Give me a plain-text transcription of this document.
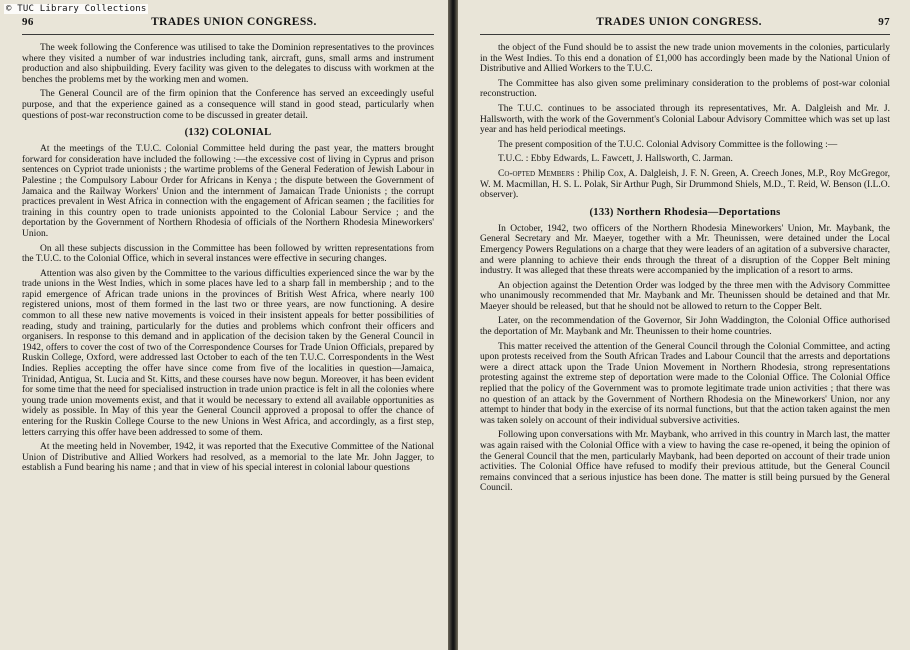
© TUC Library Collections
96	TRADES UNION CONGRESS.

The week following the Conference was utilised to take the Dominion representatives to the provinces where they visited a number of war industries including tank, aircraft, guns, small arms and instrument production and also shipbuilding. Every facility was given to the delegates to discuss with workmen at the benches the problems met by the working men and women.

The General Council are of the firm opinion that the Conference has served an exceedingly useful purpose, and that the experience gained as a consequence will stand in good stead, particularly when questions of post-war reconstruction come to be discussed in greater detail.

(132) COLONIAL

At the meetings of the T.U.C. Colonial Committee held during the past year, the matters brought forward for consideration have included the following :—the excessive cost of living in Cyprus and prison sentences on Cypriot trade unionists ; the wartime problems of the General Federation of Jewish Labour in Palestine ; the Compulsory Labour Order for Africans in Kenya ; the dispute between the Government of Jamaica and the Railway Workers' Union and the internment of Jamaican Trade Unionists ; the corrupt practices prevalent in West Africa in connection with the engagement of African seamen ; the facilities for training in this country open to trade unionists appointed to the Colonial Labour Service ; and the deportation by the Government of Northern Rhodesia of officials of the Northern Rhodesia Mineworkers' Union.

On all these subjects discussion in the Committee has been followed by written representations from the T.U.C. to the Colonial Office, which in several instances were effective in securing changes.

Attention was also given by the Committee to the various difficulties experienced since the war by the trade unions in the West Indies, which in some places have led to a sharp fall in membership ; and to the rapid emergence of African trade unions in the provinces of British West Africa, where nearly 100 registered unions, most of them formed in the last two or three years, are now functioning. A desire common to all these new native movements is voiced in their insistent appeals for better possibilities of reading, study and training, particularly for the duties and problems which confront their officers and organisers. In response to this demand and in application of the decision taken by the General Council in 1942, offers to cover the cost of two of the Correspondence Courses for Trade Union Officials, prepared by Ruskin College, Oxford, were addressed last October to each of the ten T.U.C. Correspondents in the West Indies. Replies accepting the offer have since come from five of the localities in question—Jamaica, Trinidad, Antigua, St. Lucia and St. Kitts, and these courses have now begun. Moreover, it has been evident for some time that the need for specialised instruction in trade union practice is felt in all the colonies where young trade union movements exist, and that it would be necessary to extend all available opportunities as widely as possible. In May of this year the General Council approved a proposal to offer the chance of entering for the Ruskin College Course to the new Unions in West Africa, and accordingly, as a first step, letters carrying this offer have been addressed to some of them.

At the meeting held in November, 1942, it was reported that the Executive Committee of the National Union of Distributive and Allied Workers had resolved, as a memorial to the late Mr. John Jagger, to establish a Fund bearing his name ; and that in view of his special interest in colonial labour questions

TRADES UNION CONGRESS.	97

the object of the Fund should be to assist the new trade union movements in the colonies, particularly in the West Indies. To this end a donation of £1,000 has accordingly been made by the National Union of Distributive and Allied Workers to the T.U.C.

The Committee has also given some preliminary consideration to the problems of post-war colonial reconstruction.

The T.U.C. continues to be associated through its representatives, Mr. A. Dalgleish and Mr. J. Hallsworth, with the work of the Government's Colonial Labour Advisory Committee which was set up last year and has held periodical meetings.

The present composition of the T.U.C. Colonial Advisory Committee is the following :—

T.U.C. : Ebby Edwards, L. Fawcett, J. Hallsworth, C. Jarman.

Co-opted Members : Philip Cox, A. Dalgleish, J. F. N. Green, A. Creech Jones, M.P., Roy McGregor, W. M. Macmillan, H. S. L. Polak, Sir Arthur Pugh, Sir Drummond Shiels, M.D., T. Reid, W. Benson (I.L.O. observer).

(133) Northern Rhodesia—Deportations

In October, 1942, two officers of the Northern Rhodesia Mineworkers' Union, Mr. Maybank, the General Secretary and Mr. Maeyer, together with a Mr. Theunissen, were detained under the Local Emergency Powers Regulations on a charge that they were leaders of an agitation of a subversive character, and were planning to achieve their ends through the threat of a disruption of the Copper Belt mining industry. It was alleged that these threats were accompanied by the implication of a resort to arms.

An objection against the Detention Order was lodged by the three men with the Advisory Committee who unanimously recommended that Mr. Maybank and Mr. Theunissen should be detained and that Mr. Maeyer should be released, but that he should not be allowed to return to the Copper Belt.

Later, on the recommendation of the Governor, Sir John Waddington, the Colonial Office authorised the deportation of Mr. Maybank and Mr. Theunissen to their home countries.

This matter received the attention of the General Council through the Colonial Committee, and acting upon protests received from the South African Trades and Labour Council that the arrests and deportations were a direct attack upon the Trade Union Movement in Northern Rhodesia, strong representations protesting against the extreme step of deportation were made to the Colonial Office. The Colonial Office replied that the policy of the Government was to promote legitimate trade union activities ; that there was no question of an attack by the Government of Northern Rhodesia on the Mineworkers' Union, nor any attempt to hinder that body in the exercise of its normal functions, but that the action taken against the men was taken solely on account of their individual subversive activities.

Following upon conversations with Mr. Maybank, who arrived in this country in March last, the matter was again raised with the Colonial Office with a view to having the case re-opened, it being the opinion of the General Council that the men, particularly Maybank, had been deported on account of their trade union activities. The Colonial Office have refused to modify their previous attitude, but the General Council remains convinced that a serious injustice has been done. The matter is still being pursued by the General Council.
